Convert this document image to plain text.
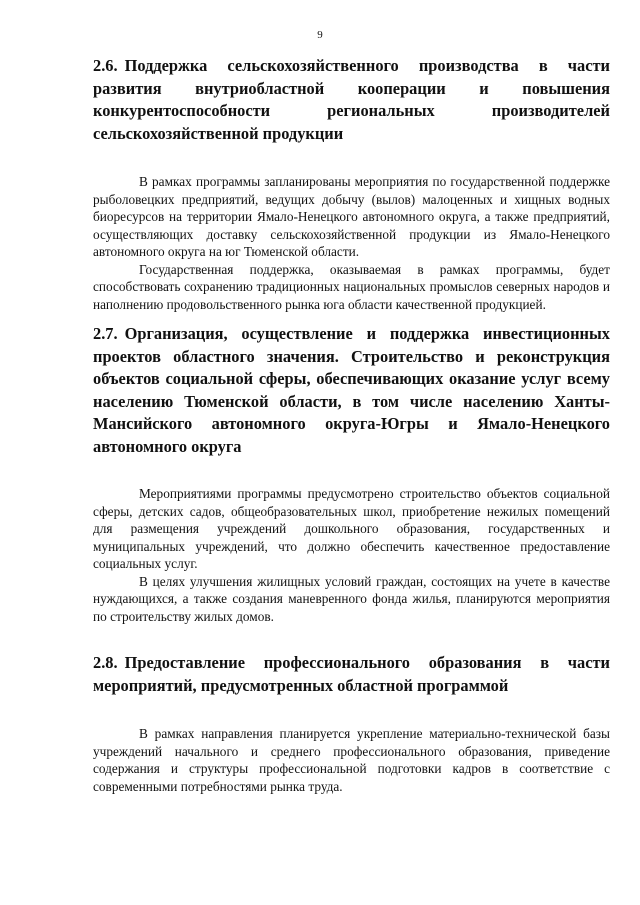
9
2.6. Поддержка сельскохозяйственного производства в части развития внутриобластной кооперации и повышения конкурентоспособности региональных производителей сельскохозяйственной продукции

В рамках программы запланированы мероприятия по государственной поддержке рыболовецких предприятий, ведущих добычу (вылов) малоценных и хищных водных биоресурсов на территории Ямало-Ненецкого автономного округа, а также предприятий, осуществляющих доставку сельскохозяйственной продукции из Ямало-Ненецкого автономного округа на юг Тюменской области.

Государственная поддержка, оказываемая в рамках программы, будет способствовать сохранению традиционных национальных промыслов северных народов и наполнению продовольственного рынка юга области качественной продукцией.

2.7. Организация, осуществление и поддержка инвестиционных проектов областного значения. Строительство и реконструкция объектов социальной сферы, обеспечивающих оказание услуг всему населению Тюменской области, в том числе населению Ханты-Мансийского автономного округа-Югры и Ямало-Ненецкого автономного округа

Мероприятиями программы предусмотрено строительство объектов социальной сферы, детских садов, общеобразовательных школ, приобретение нежилых помещений для размещения учреждений дошкольного образования, государственных и муниципальных учреждений, что должно обеспечить качественное предоставление социальных услуг.

В целях улучшения жилищных условий граждан, состоящих на учете в качестве нуждающихся, а также создания маневренного фонда жилья, планируются мероприятия по строительству жилых домов.

2.8. Предоставление профессионального образования в части мероприятий, предусмотренных областной программой

В рамках направления планируется укрепление материально-технической базы учреждений начального и среднего профессионального образования, приведение содержания и структуры профессиональной подготовки кадров в соответствие с современными потребностями рынка труда.
